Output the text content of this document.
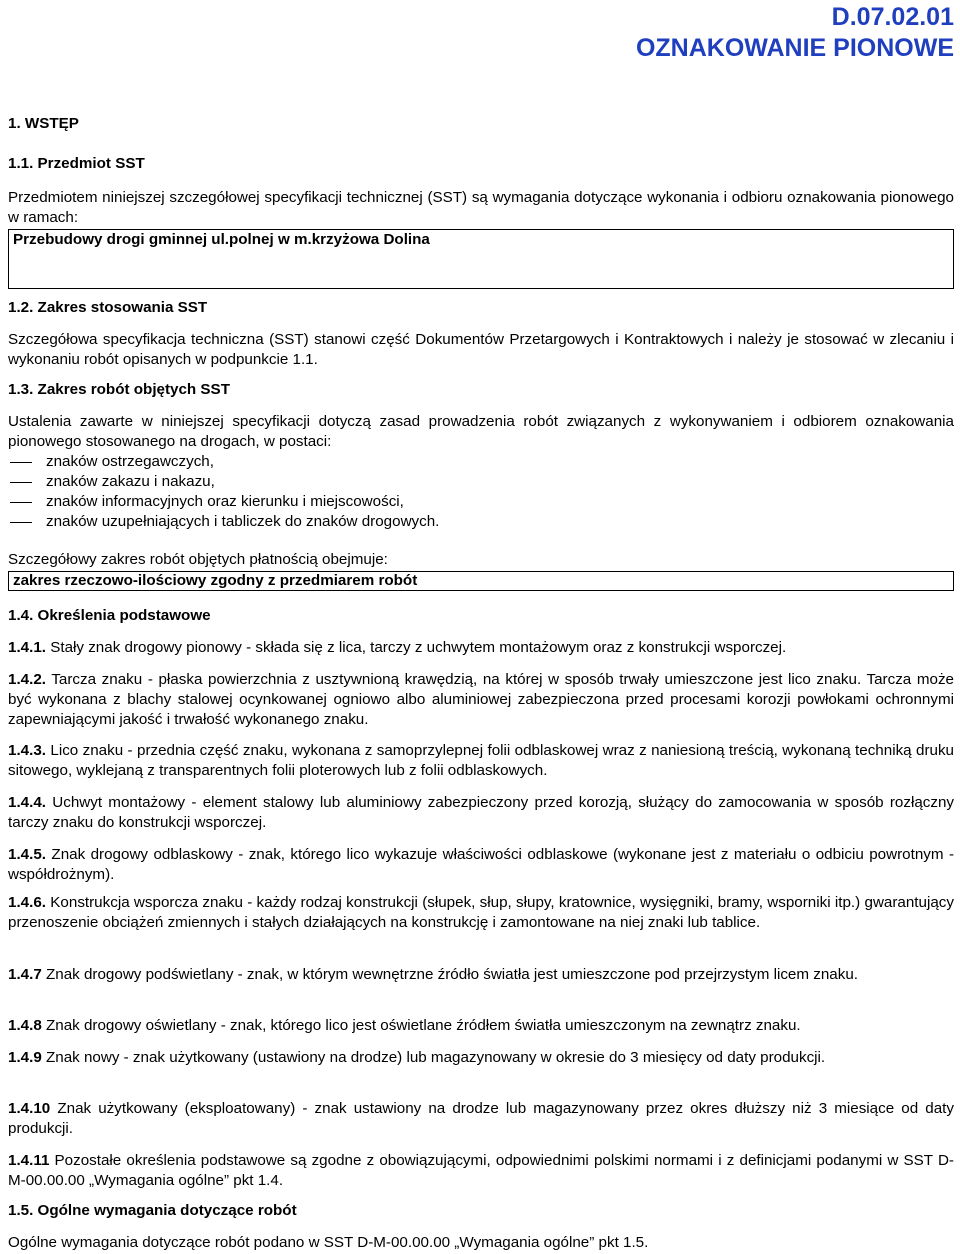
D.07.02.01
OZNAKOWANIE PIONOWE
1. WSTĘP
1.1. Przedmiot SST
Przedmiotem niniejszej szczegółowej specyfikacji technicznej (SST) są wymagania dotyczące wykonania i odbioru oznakowania pionowego w ramach:
Przebudowy drogi gminnej ul.polnej w m.krzyżowa Dolina
1.2. Zakres stosowania SST
Szczegółowa specyfikacja techniczna (SST) stanowi część Dokumentów Przetargowych i Kontraktowych i należy je stosować w zlecaniu i wykonaniu robót opisanych w podpunkcie 1.1.
1.3. Zakres robót objętych SST
Ustalenia zawarte w niniejszej specyfikacji dotyczą zasad prowadzenia robót związanych z wykonywaniem i odbiorem oznakowania pionowego stosowanego na drogach, w postaci:
znaków ostrzegawczych,
znaków zakazu i nakazu,
znaków informacyjnych oraz kierunku i miejscowości,
znaków uzupełniających i tabliczek do znaków drogowych.
Szczegółowy zakres robót objętych płatnością obejmuje:
zakres rzeczowo-ilościowy zgodny z przedmiarem robót
1.4. Określenia podstawowe
1.4.1. Stały znak drogowy pionowy - składa się z lica, tarczy z uchwytem montażowym oraz z konstrukcji wsporczej.
1.4.2. Tarcza znaku - płaska powierzchnia z usztywnioną krawędzią, na której w sposób trwały umieszczone jest lico znaku. Tarcza może być wykonana z blachy stalowej ocynkowanej ogniowo albo aluminiowej zabezpieczona przed procesami korozji powłokami ochronnymi zapewniającymi jakość i trwałość wykonanego znaku.
1.4.3. Lico znaku - przednia część znaku, wykonana z samoprzylepnej folii odblaskowej wraz z naniesioną treścią, wykonaną techniką druku sitowego, wyklejaną z transparentnych folii ploterowych lub z folii odblaskowych.
1.4.4. Uchwyt montażowy - element stalowy lub aluminiowy zabezpieczony przed korozją, służący do zamocowania w sposób rozłączny tarczy znaku do konstrukcji wsporczej.
1.4.5. Znak drogowy odblaskowy - znak, którego lico wykazuje właściwości odblaskowe (wykonane jest z materiału o odbiciu powrotnym - współdrożnym).
1.4.6. Konstrukcja wsporcza znaku - każdy rodzaj konstrukcji (słupek, słup, słupy, kratownice, wysięgniki, bramy, wsporniki itp.) gwarantujący przenoszenie obciążeń zmiennych i stałych działających na konstrukcję i zamontowane na niej znaki lub tablice.
1.4.7 Znak drogowy podświetlany - znak, w którym wewnętrzne źródło światła jest umieszczone pod przejrzystym licem znaku.
1.4.8 Znak drogowy oświetlany - znak, którego lico jest oświetlane źródłem światła umieszczonym na zewnątrz znaku.
1.4.9 Znak nowy - znak użytkowany (ustawiony na drodze) lub magazynowany w okresie do 3 miesięcy od daty produkcji.
1.4.10 Znak użytkowany (eksploatowany) - znak ustawiony na drodze lub magazynowany przez okres dłuższy niż 3 miesiące od daty produkcji.
1.4.11 Pozostałe określenia podstawowe są zgodne z obowiązującymi, odpowiednimi polskimi normami i z definicjami podanymi w SST D-M-00.00.00 „Wymagania ogólne” pkt 1.4.
1.5. Ogólne wymagania dotyczące robót
Ogólne wymagania dotyczące robót podano w SST D-M-00.00.00 „Wymagania ogólne” pkt 1.5.
